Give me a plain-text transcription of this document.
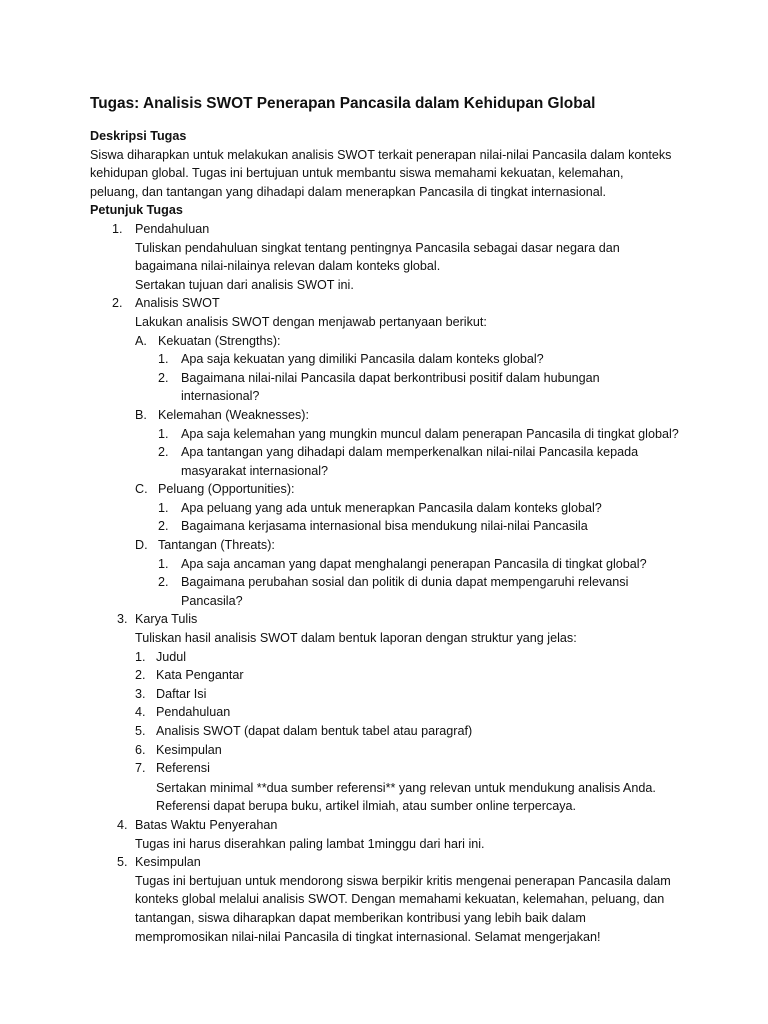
Tugas: Analisis SWOT Penerapan Pancasila dalam Kehidupan Global
Deskripsi Tugas

Siswa diharapkan untuk melakukan analisis SWOT terkait penerapan nilai-nilai Pancasila dalam konteks

kehidupan global. Tugas ini bertujuan untuk membantu siswa memahami kekuatan, kelemahan,

peluang, dan tantangan yang dihadapi dalam menerapkan Pancasila di tingkat internasional.

Petunjuk Tugas
1. Pendahuluan

Tuliskan pendahuluan singkat tentang pentingnya Pancasila sebagai dasar negara dan

bagaimana nilai-nilainya relevan dalam konteks global.

Sertakan tujuan dari analisis SWOT ini.

2. Analisis SWOT

Lakukan analisis SWOT dengan menjawab pertanyaan berikut:

A. Kekuatan (Strengths):

1. Apa saja kekuatan yang dimiliki Pancasila dalam konteks global?

2. Bagaimana nilai-nilai Pancasila dapat berkontribusi positif dalam hubungan

internasional?

B. Kelemahan (Weaknesses):

1. Apa saja kelemahan yang mungkin muncul dalam penerapan Pancasila di tingkat global?

2. Apa tantangan yang dihadapi dalam memperkenalkan nilai-nilai Pancasila kepada

masyarakat internasional?

C. Peluang (Opportunities):

1. Apa peluang yang ada untuk menerapkan Pancasila dalam konteks global?

2. Bagaimana kerjasama internasional bisa mendukung nilai-nilai Pancasila

D. Tantangan (Threats):

1. Apa saja ancaman yang dapat menghalangi penerapan Pancasila di tingkat global?

2. Bagaimana perubahan sosial dan politik di dunia dapat mempengaruhi relevansi

Pancasila?

3. Karya Tulis

Tuliskan hasil analisis SWOT dalam bentuk laporan dengan struktur yang jelas:

1. Judul

2. Kata Pengantar

3. Daftar Isi

4. Pendahuluan

5. Analisis SWOT (dapat dalam bentuk tabel atau paragraf)

6. Kesimpulan

7. Referensi

Sertakan minimal **dua sumber referensi** yang relevan untuk mendukung analisis Anda.

Referensi dapat berupa buku, artikel ilmiah, atau sumber online terpercaya.

4. Batas Waktu Penyerahan

Tugas ini harus diserahkan paling lambat 1minggu dari hari ini.

5. Kesimpulan

Tugas ini bertujuan untuk mendorong siswa berpikir kritis mengenai penerapan Pancasila dalam

konteks global melalui analisis SWOT. Dengan memahami kekuatan, kelemahan, peluang, dan

tantangan, siswa diharapkan dapat memberikan kontribusi yang lebih baik dalam

mempromosikan nilai-nilai Pancasila di tingkat internasional. Selamat mengerjakan!
